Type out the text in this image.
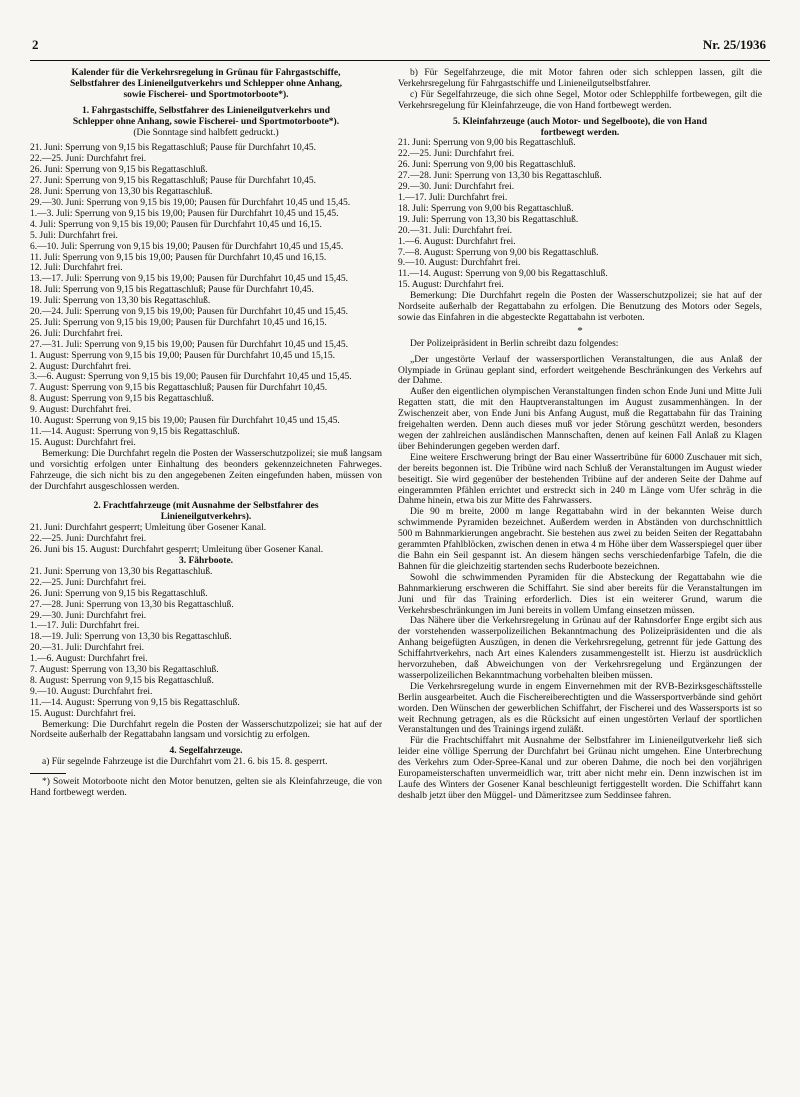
2	Nr. 25/1936
Kalender für die Verkehrsregelung in Grünau für Fahrgastschiffe,
Selbstfahrer des Linieneilgutverkehrs und Schlepper ohne Anhang,
sowie Fischerei- und Sportmotorboote*).
1. Fahrgastschiffe, Selbstfahrer des Linieneilgutverkehrs und
Schlepper ohne Anhang, sowie Fischerei- und Sportmotorboote*).
(Die Sonntage sind halbfett gedruckt.)

21. Juni: Sperrung von 9,15 bis Regattaschluß; Pause für Durchfahrt 10,45.

22.—25. Juni: Durchfahrt frei.

26. Juni: Sperrung von 9,15 bis Regattaschluß.

27. Juni: Sperrung von 9,15 bis Regattaschluß; Pause für Durchfahrt 10,45.

28. Juni: Sperrung von 13,30 bis Regattaschluß.

29.—30. Juni: Sperrung von 9,15 bis 19,00; Pausen für Durchfahrt 10,45 und 15,45.

1.—3. Juli: Sperrung von 9,15 bis 19,00; Pausen für Durchfahrt 10,45 und 15,45.

4. Juli: Sperrung von 9,15 bis 19,00; Pausen für Durchfahrt 10,45 und 16,15.

5. Juli: Durchfahrt frei.

6.—10. Juli: Sperrung von 9,15 bis 19,00; Pausen für Durchfahrt 10,45 und 15,45.

11. Juli: Sperrung von 9,15 bis 19,00; Pausen für Durchfahrt 10,45 und 16,15.

12. Juli: Durchfahrt frei.

13.—17. Juli: Sperrung von 9,15 bis 19,00; Pausen für Durchfahrt 10,45 und 15,45.

18. Juli: Sperrung von 9,15 bis Regattaschluß; Pause für Durchfahrt 10,45.

19. Juli: Sperrung von 13,30 bis Regattaschluß.

20.—24. Juli: Sperrung von 9,15 bis 19,00; Pausen für Durchfahrt 10,45 und 15,45.

25. Juli: Sperrung von 9,15 bis 19,00; Pausen für Durchfahrt 10,45 und 16,15.

26. Juli: Durchfahrt frei.

27.—31. Juli: Sperrung von 9,15 bis 19,00; Pausen für Durchfahrt 10,45 und 15,45.

1. August: Sperrung von 9,15 bis 19,00; Pausen für Durchfahrt 10,45 und 15,15.

2. August: Durchfahrt frei.

3.—6. August: Sperrung von 9,15 bis 19,00; Pausen für Durchfahrt 10,45 und 15,45.

7. August: Sperrung von 9,15 bis Regattaschluß; Pausen für Durchfahrt 10,45.

8. August: Sperrung von 9,15 bis Regattaschluß.

9. August: Durchfahrt frei.

10. August: Sperrung von 9,15 bis 19,00; Pausen für Durchfahrt 10,45 und 15,45.

11.—14. August: Sperrung von 9,15 bis Regattaschluß.

15. August: Durchfahrt frei.

Bemerkung: Die Durchfahrt regeln die Posten der Wasserschutzpolizei; sie muß langsam und vorsichtig erfolgen unter Einhaltung des beonders gekennzeichneten Fahrweges. Fahrzeuge, die sich nicht bis zu den angegebenen Zeiten eingefunden haben, müssen von der Durchfahrt ausgeschlossen werden.

2. Frachtfahrzeuge (mit Ausnahme der Selbstfahrer des
Linieneilgutverkehrs).

21. Juni: Durchfahrt gesperrt; Umleitung über Gosener Kanal.

22.—25. Juni: Durchfahrt frei.

26. Juni bis 15. August: Durchfahrt gesperrt; Umleitung über Gosener Kanal.

3. Fährboote.

21. Juni: Sperrung von 13,30 bis Regattaschluß.

22.—25. Juni: Durchfahrt frei.

26. Juni: Sperrung von 9,15 bis Regattaschluß.

27.—28. Juni: Sperrung von 13,30 bis Regattaschluß.

29.—30. Juni: Durchfahrt frei.

1.—17. Juli: Durchfahrt frei.

18.—19. Juli: Sperrung von 13,30 bis Regattaschluß.

20.—31. Juli: Durchfahrt frei.

1.—6. August: Durchfahrt frei.

7. August: Sperrung von 13,30 bis Regattaschluß.

8. August: Sperrung von 9,15 bis Regattaschluß.

9.—10. August: Durchfahrt frei.

11.—14. August: Sperrung von 9,15 bis Regattaschluß.

15. August: Durchfahrt frei.

Bemerkung: Die Durchfahrt regeln die Posten der Wasserschutzpolizei; sie hat auf der Nordseite außerhalb der Regattabahn langsam und vorsichtig zu erfolgen.

4. Segelfahrzeuge.

a) Für segelnde Fahrzeuge ist die Durchfahrt vom 21. 6. bis 15. 8. gesperrt.

*) Soweit Motorboote nicht den Motor benutzen, gelten sie als Kleinfahrzeuge, die von Hand fortbewegt werden.

b) Für Segelfahrzeuge, die mit Motor fahren oder sich schleppen lassen, gilt die Verkehrsregelung für Fahrgastschiffe und Linieneilgutselbstfahrer.

c) Für Segelfahrzeuge, die sich ohne Segel, Motor oder Schlepphilfe fortbewegen, gilt die Verkehrsregelung für Kleinfahrzeuge, die von Hand fortbewegt werden.

5. Kleinfahrzeuge (auch Motor- und Segelboote), die von Hand
fortbewegt werden.

21. Juni: Sperrung von 9,00 bis Regattaschluß.

22.—25. Juni: Durchfahrt frei.

26. Juni: Sperrung von 9,00 bis Regattaschluß.

27.—28. Juni: Sperrung von 13,30 bis Regattaschluß.

29.—30. Juni: Durchfahrt frei.

1.—17. Juli: Durchfahrt frei.

18. Juli: Sperrung von 9,00 bis Regattaschluß.

19. Juli: Sperrung von 13,30 bis Regattaschluß.

20.—31. Juli: Durchfahrt frei.

1.—6. August: Durchfahrt frei.

7.—8. August: Sperrung von 9,00 bis Regattaschluß.

9.—10. August: Durchfahrt frei.

11.—14. August: Sperrung von 9,00 bis Regattaschluß.

15. August: Durchfahrt frei.

Bemerkung: Die Durchfahrt regeln die Posten der Wasserschutzpolizei; sie hat auf der Nordseite außerhalb der Regattabahn zu erfolgen. Die Benutzung des Motors oder Segels, sowie das Einfahren in die abgesteckte Regattabahn ist verboten.

*

Der Polizeipräsident in Berlin schreibt dazu folgendes:

„Der ungestörte Verlauf der wassersportlichen Veranstaltungen, die aus Anlaß der Olympiade in Grünau geplant sind, erfordert weitgehende Beschränkungen des Verkehrs auf der Dahme.

Außer den eigentlichen olympischen Veranstaltungen finden schon Ende Juni und Mitte Juli Regatten statt, die mit den Hauptveranstaltungen im August zusammenhängen. In der Zwischenzeit aber, von Ende Juni bis Anfang August, muß die Regattabahn für das Training freigehalten werden. Denn auch dieses muß vor jeder Störung geschützt werden, besonders wegen der zahlreichen ausländischen Mannschaften, denen auf keinen Fall Anlaß zu Klagen über Behinderungen gegeben werden darf.

Eine weitere Erschwerung bringt der Bau einer Wassertribüne für 6000 Zuschauer mit sich, der bereits begonnen ist. Die Tribüne wird nach Schluß der Veranstaltungen im August wieder beseitigt. Sie wird gegenüber der bestehenden Tribüne auf der anderen Seite der Dahme auf eingerammten Pfählen errichtet und erstreckt sich in 240 m Länge vom Ufer schräg in die Dahme hinein, etwa bis zur Mitte des Fahrwassers.

Die 90 m breite, 2000 m lange Regattabahn wird in der bekannten Weise durch schwimmende Pyramiden bezeichnet. Außerdem werden in Abständen von durchschnittlich 500 m Bahnmarkierungen angebracht. Sie bestehen aus zwei zu beiden Seiten der Regattabahn gerammten Pfahlblöcken, zwischen denen in etwa 4 m Höhe über dem Wasserspiegel quer über die Bahn ein Seil gespannt ist. An diesem hängen sechs verschiedenfarbige Tafeln, die die Bahnen für die gleichzeitig startenden sechs Ruderboote bezeichnen.

Sowohl die schwimmenden Pyramiden für die Absteckung der Regattabahn wie die Bahnmarkierung erschweren die Schiffahrt. Sie sind aber bereits für die Veranstaltungen im Juni und für das Training erforderlich. Dies ist ein weiterer Grund, warum die Verkehrsbeschränkungen im Juni bereits in vollem Umfang einsetzen müssen.

Das Nähere über die Verkehrsregelung in Grünau auf der Rahnsdorfer Enge ergibt sich aus der vorstehenden wasserpolizeilichen Bekanntmachung des Polizeipräsidenten und die als Anhang beigefügten Auszügen, in denen die Verkehrsregelung, getrennt für jede Gattung des Schiffahrtverkehrs, nach Art eines Kalenders zusammengestellt ist. Hierzu ist ausdrücklich hervorzuheben, daß Abweichungen von der Verkehrsregelung und Ergänzungen der wasserpolizeilichen Bekanntmachung vorbehalten bleiben müssen.

Die Verkehrsregelung wurde in engem Einvernehmen mit der RVB-Bezirksgeschäftsstelle Berlin ausgearbeitet. Auch die Fischereiberechtigten und die Wassersportverbände sind gehört worden. Den Wünschen der gewerblichen Schiffahrt, der Fischerei und des Wassersports ist so weit Rechnung getragen, als es die Rücksicht auf einen ungestörten Verlauf der sportlichen Veranstaltungen und des Trainings irgend zuläßt.

Für die Frachtschiffahrt mit Ausnahme der Selbstfahrer im Linieneilgutverkehr ließ sich leider eine völlige Sperrung der Durchfahrt bei Grünau nicht umgehen. Eine Unterbrechung des Verkehrs zum Oder-Spree-Kanal und zur oberen Dahme, die noch bei den vorjährigen Europameisterschaften unvermeidlich war, tritt aber nicht mehr ein. Denn inzwischen ist im Laufe des Winters der Gosener Kanal beschleunigt fertiggestellt worden. Die Schiffahrt kann deshalb jetzt über den Müggel- und Dämeritzsee zum Seddinsee fahren.
